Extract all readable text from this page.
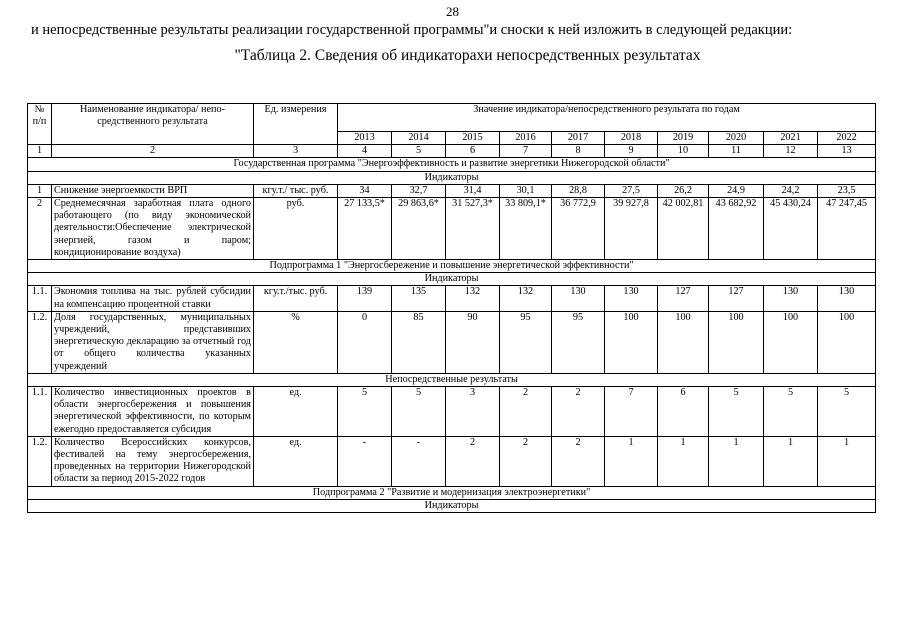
28
и непосредственные результаты реализации государственной программы"и сноски к ней изложить в следующей редакции:
"Таблица 2. Сведения об индикаторахи непосредственных результатах
№ п/п	Наименование индикатора/ непосредственного результата	Ед. измерения	Значение индикатора/непосредственного результата по годам									
			2013	2014	2015	2016	2017	2018	2019	2020	2021	2022
1	2	3	4	5	6	7	8	9	10	11	12	13
Государственная программа "Энергоэффективность и развитие энергетики Нижегородской области"												
Индикаторы												
1	Снижение энергоемкости ВРП	кгу.т./ тыс. руб.	34	32,7	31,4	30,1	28,8	27,5	26,2	24,9	24,2	23,5
2	Среднемесячная заработная плата одного работающего (по виду экономической деятельности:Обеспечение электрической энергией, газом и паром; кондиционирование воздуха)	руб.	27 133,5*	29 863,6*	31 527,3*	33 809,1*	36 772,9	39 927,8	42 002,81	43 682,92	45 430,24	47 247,45
Подпрограмма 1 "Энергосбережение и повышение энергетической эффективности"												
Индикаторы												
1.1.	Экономия топлива на тыс. рублей субсидии на компенсацию процентной ставки	кгу.т./тыс. руб.	139	135	132	132	130	130	127	127	130	130
1.2.	Доля государственных, муниципальных учреждений, представивших энергетическую декларацию за отчетный год от общего количества указанных учреждений	%	0	85	90	95	95	100	100	100	100	100
Непосредственные результаты												
1.1.	Количество инвестиционных проектов в области энергосбережения и повышения энергетической эффективности, по которым ежегодно предоставляется субсидия	ед.	5	5	3	2	2	7	6	5	5	5
1.2.	Количество Всероссийских конкурсов, фестивалей на тему энергосбережения, проведенных на территории Нижегородской области за период 2015-2022 годов	ед.	-	-	2	2	2	1	1	1	1	1
Подпрограмма 2 "Развитие и модернизация электроэнергетики"												
Индикаторы												
